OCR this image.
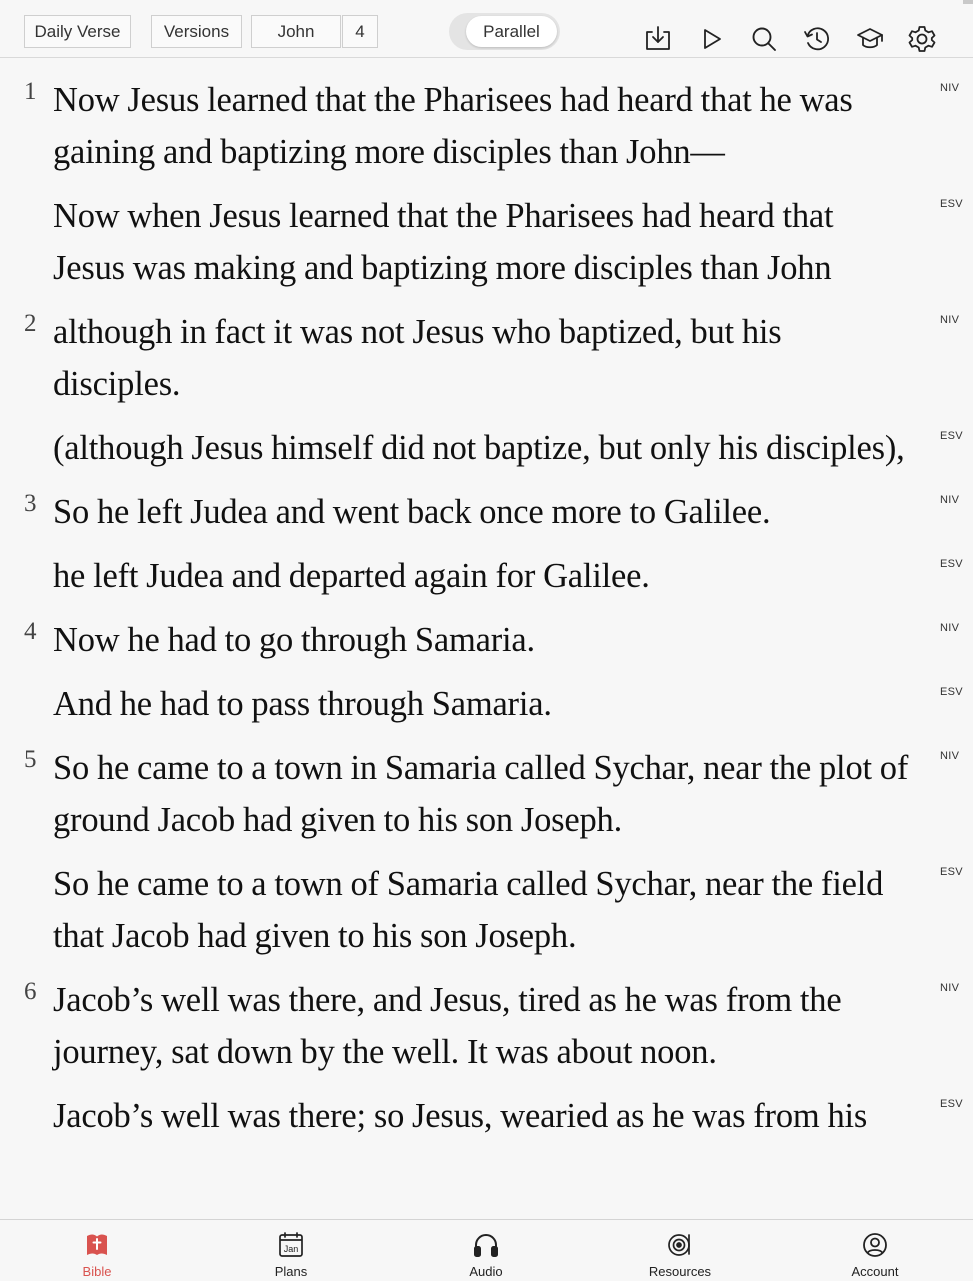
Daily Verse	Versions	John	4	Parallel
1 Now Jesus learned that the Pharisees had heard that he was gaining and baptizing more disciples than John—
NIV
Now when Jesus learned that the Pharisees had heard that Jesus was making and baptizing more disciples than John
ESV
2 although in fact it was not Jesus who baptized, but his disciples.
NIV
(although Jesus himself did not baptize, but only his disciples),	ESV
3 So he left Judea and went back once more to Galilee.	NIV
he left Judea and departed again for Galilee.	ESV
4 Now he had to go through Samaria.	NIV
And he had to pass through Samaria.	ESV
5 So he came to a town in Samaria called Sychar, near the plot of ground Jacob had given to his son Joseph.
NIV
So he came to a town of Samaria called Sychar, near the field that Jacob had given to his son Joseph.
ESV
6 Jacob’s well was there, and Jesus, tired as he was from the journey, sat down by the well. It was about noon.
NIV
Jacob’s well was there; so Jesus, wearied as he was from his	ESV
Bible
Jan
Plans	Audio	Resources	Account
